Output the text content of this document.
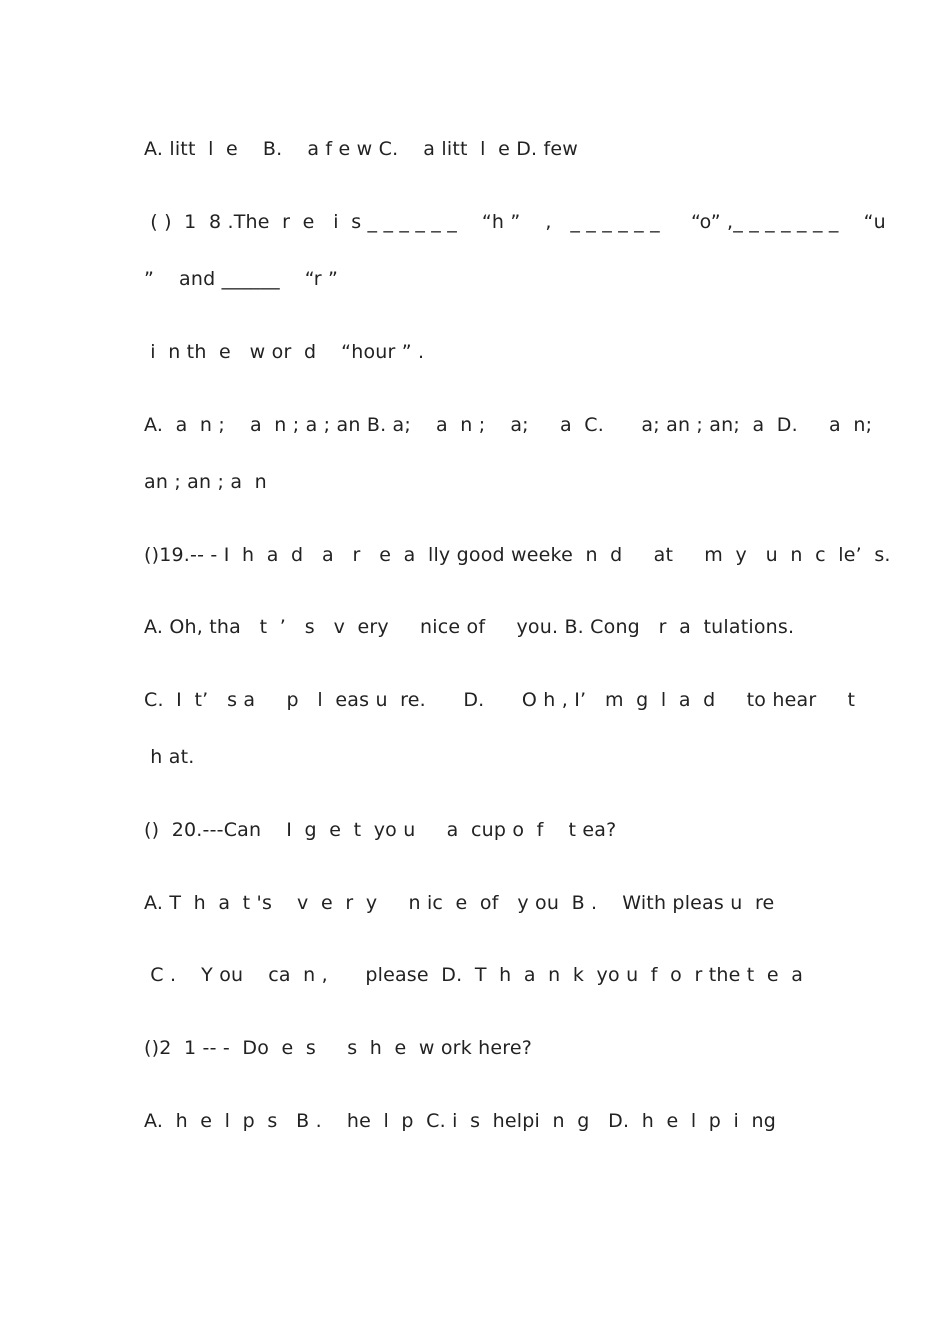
A. litt  l  e    B.    a f e w C.    a litt  l  e D. few
( )  1  8 .The  r  e   i  s _ _ _ _ _ _    “h ”    ,   _ _ _ _ _ _     “o” ,_ _ _ _ _ _ _    “u
”    and ______    “r ”
i  n th  e   w or  d    “hour ” .
A.  a  n ;    a  n ; a ; an B. a;    a  n ;    a;     a  C.      a; an ; an;  a  D.     a  n;
an ; an ; a  n
()19.-- - I  h  a  d   a   r   e  a  lly good weeke  n  d     at     m  y   u  n  c  le’  s.
A. Oh, tha   t  ’   s   v  ery     nice of     you. B. Cong   r  a  tulations.
C.  I  t’   s a     p   l  eas u  re.      D.      O h , I’   m  g  l  a  d     to hear     t
h at.
()  20.---Can    I  g  e  t  yo u     a  cup o  f    t ea?
A. T  h  a  t 's    v  e  r  y     n ic  e  of   y ou  B .    With pleas u  re
C .    Y ou    ca  n ,      please  D.  T  h  a  n  k  yo u  f  o  r the t  e  a
()2  1 -- -  Do  e  s     s  h  e  w ork here?
A.  h  e  l  p  s   B .    he  l  p  C. i  s  helpi  n  g   D.  h  e  l  p  i  ng
